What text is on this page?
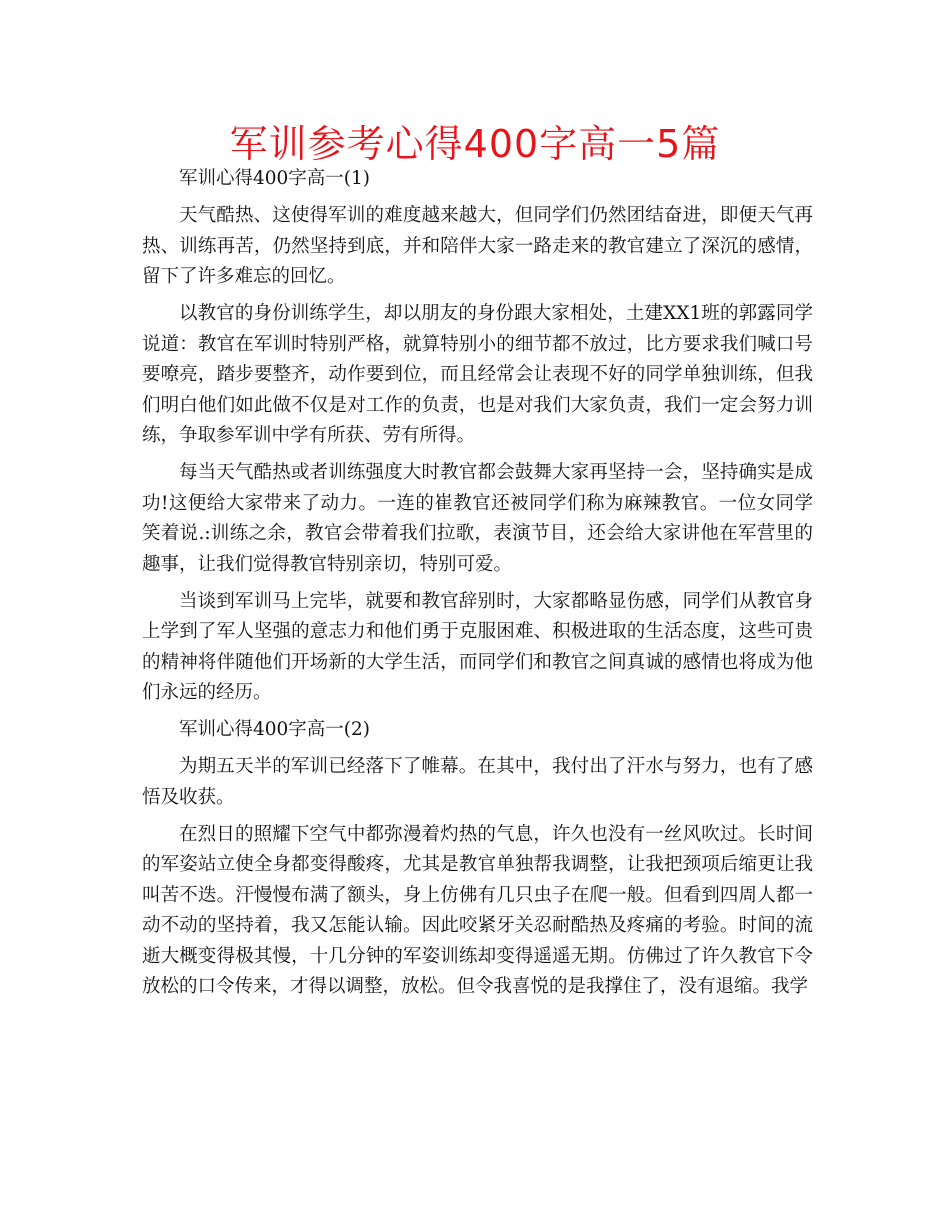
军训参考心得400字高一5篇

军训心得400字高一(1)

天气酷热、这使得军训的难度越来越大，但同学们仍然团结奋进，即便天气再热、训练再苦，仍然坚持到底，并和陪伴大家一路走来的教官建立了深沉的感情，留下了许多难忘的回忆。

以教官的身份训练学生，却以朋友的身份跟大家相处，土建XX1班的郭露同学说道：教官在军训时特别严格，就算特别小的细节都不放过，比方要求我们喊口号要嘹亮，踏步要整齐，动作要到位，而且经常会让表现不好的同学单独训练，但我们明白他们如此做不仅是对工作的负责，也是对我们大家负责，我们一定会努力训练，争取参军训中学有所获、劳有所得。

每当天气酷热或者训练强度大时教官都会鼓舞大家再坚持一会，坚持确实是成功!这便给大家带来了动力。一连的崔教官还被同学们称为麻辣教官。一位女同学笑着说.:训练之余，教官会带着我们拉歌，表演节目，还会给大家讲他在军营里的趣事，让我们觉得教官特别亲切，特别可爱。

当谈到军训马上完毕，就要和教官辞别时，大家都略显伤感，同学们从教官身上学到了军人坚强的意志力和他们勇于克服困难、积极进取的生活态度，这些可贵的精神将伴随他们开场新的大学生活，而同学们和教官之间真诚的感情也将成为他们永远的经历。

军训心得400字高一(2)

为期五天半的军训已经落下了帷幕。在其中，我付出了汗水与努力，也有了感悟及收获。

在烈日的照耀下空气中都弥漫着灼热的气息，许久也没有一丝风吹过。长时间的军姿站立使全身都变得酸疼，尤其是教官单独帮我调整，让我把颈项后缩更让我叫苦不迭。汗慢慢布满了额头，身上仿佛有几只虫子在爬一般。但看到四周人都一动不动的坚持着，我又怎能认输。因此咬紧牙关忍耐酷热及疼痛的考验。时间的流逝大概变得极其慢，十几分钟的军姿训练却变得遥遥无期。仿佛过了许久教官下令放松的口令传来，才得以调整，放松。但令我喜悦的是我撑住了，没有退缩。我学
